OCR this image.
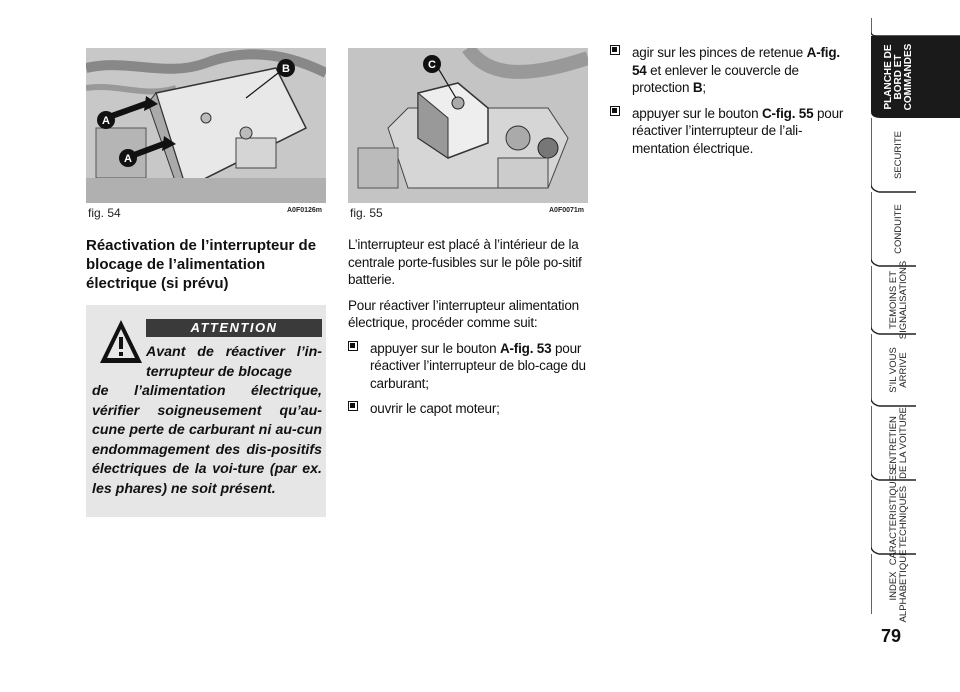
A
A
B
fig. 54	A0F0126m
C
fig. 55	A0F0071m
Réactivation de l’interrupteur de blocage de l’alimentation électrique (si prévu)
ATTENTION
Avant de réactiver l’in-terrupteur de blocage
de l’alimentation électrique, vérifier soigneusement qu’au-cune perte de carburant ni au-cun endommagement des dis-positifs électriques de la voi-ture (par ex. les phares) ne soit présent.

L’interrupteur est placé à l’intérieur de la centrale porte-fusibles sur le pôle po-sitif batterie.

Pour réactiver l’interrupteur alimentation électrique, procéder comme suit:

appuyer sur le bouton A-fig. 53 pour réactiver l’interrupteur de blo-cage du carburant;
ouvrir le capot moteur;
agir sur les pinces de retenue A-fig. 54 et enlever le couvercle de protection B;
appuyer sur le bouton C-fig. 55 pour réactiver l’interrupteur de l’ali-mentation électrique.
PLANCHE DE
BORD ET
COMMANDES
SECURITE
CONDUITE
TEMOINS ET
SIGNALISATIONS
S’IL VOUS
ARRIVE
ENTRETIEN
DE LA VOITURE
CARACTERISTIQUES
TECHNIQUES
INDEX
ALPHABETIQUE
79
